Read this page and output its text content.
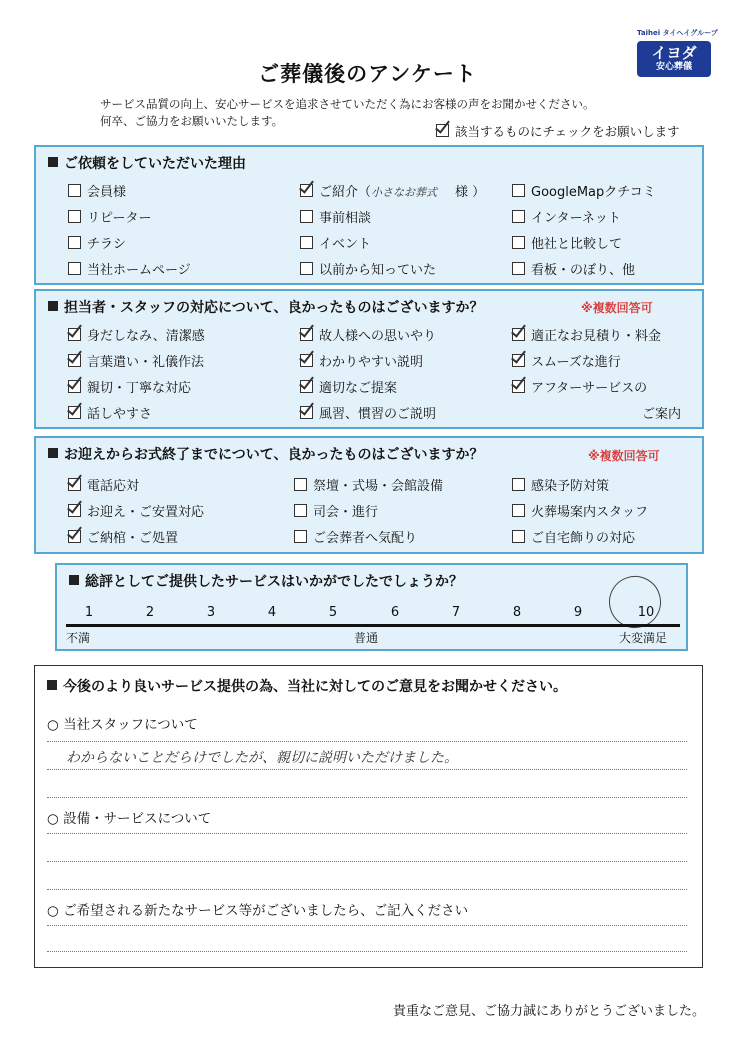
ご葬儀後のアンケート
サービス品質の向上、安心サービスを追求させていただく為にお客様の声をお聞かせください。
何卒、ご協力をお願いいたします。
該当するものにチェックをお願いします
Taihei タイヘイグループ
イヨダ
安心葬儀
ご依頼をしていただいた理由
会員様	ご紹介（小さなお葬式 様 ）	GoogleMapクチコミ
リピーター	事前相談	インターネット
チラシ	イベント	他社と比較して
当社ホームページ	以前から知っていた	看板・のぼり、他
担当者・スタッフの対応について、良かったものはございますか？	※複数回答可
身だしなみ、清潔感	故人様への思いやり	適正なお見積り・料金
言葉遣い・礼儀作法	わかりやすい説明	スムーズな進行
親切・丁寧な対応	適切なご提案	アフターサービスの
話しやすさ	風習、慣習のご説明	ご案内
お迎えからお式終了までについて、良かったものはございますか？	※複数回答可
電話応対	祭壇・式場・会館設備	感染予防対策
お迎え・ご安置対応	司会・進行	火葬場案内スタッフ
ご納棺・ご処置	ご会葬者へ気配り	ご自宅飾りの対応
総評としてご提供したサービスはいかがでしたでしょうか？
1	2	3	4	5	6	7	8	9	10
不満	普通	大変満足
今後のより良いサービス提供の為、当社に対してのご意見をお聞かせください。
○ 当社スタッフについて
○ 設備・サービスについて
○ ご希望される新たなサービス等がございましたら、ご記入ください
わからないことだらけでしたが、親切に説明いただけました。
貴重なご意見、ご協力誠にありがとうございました。
